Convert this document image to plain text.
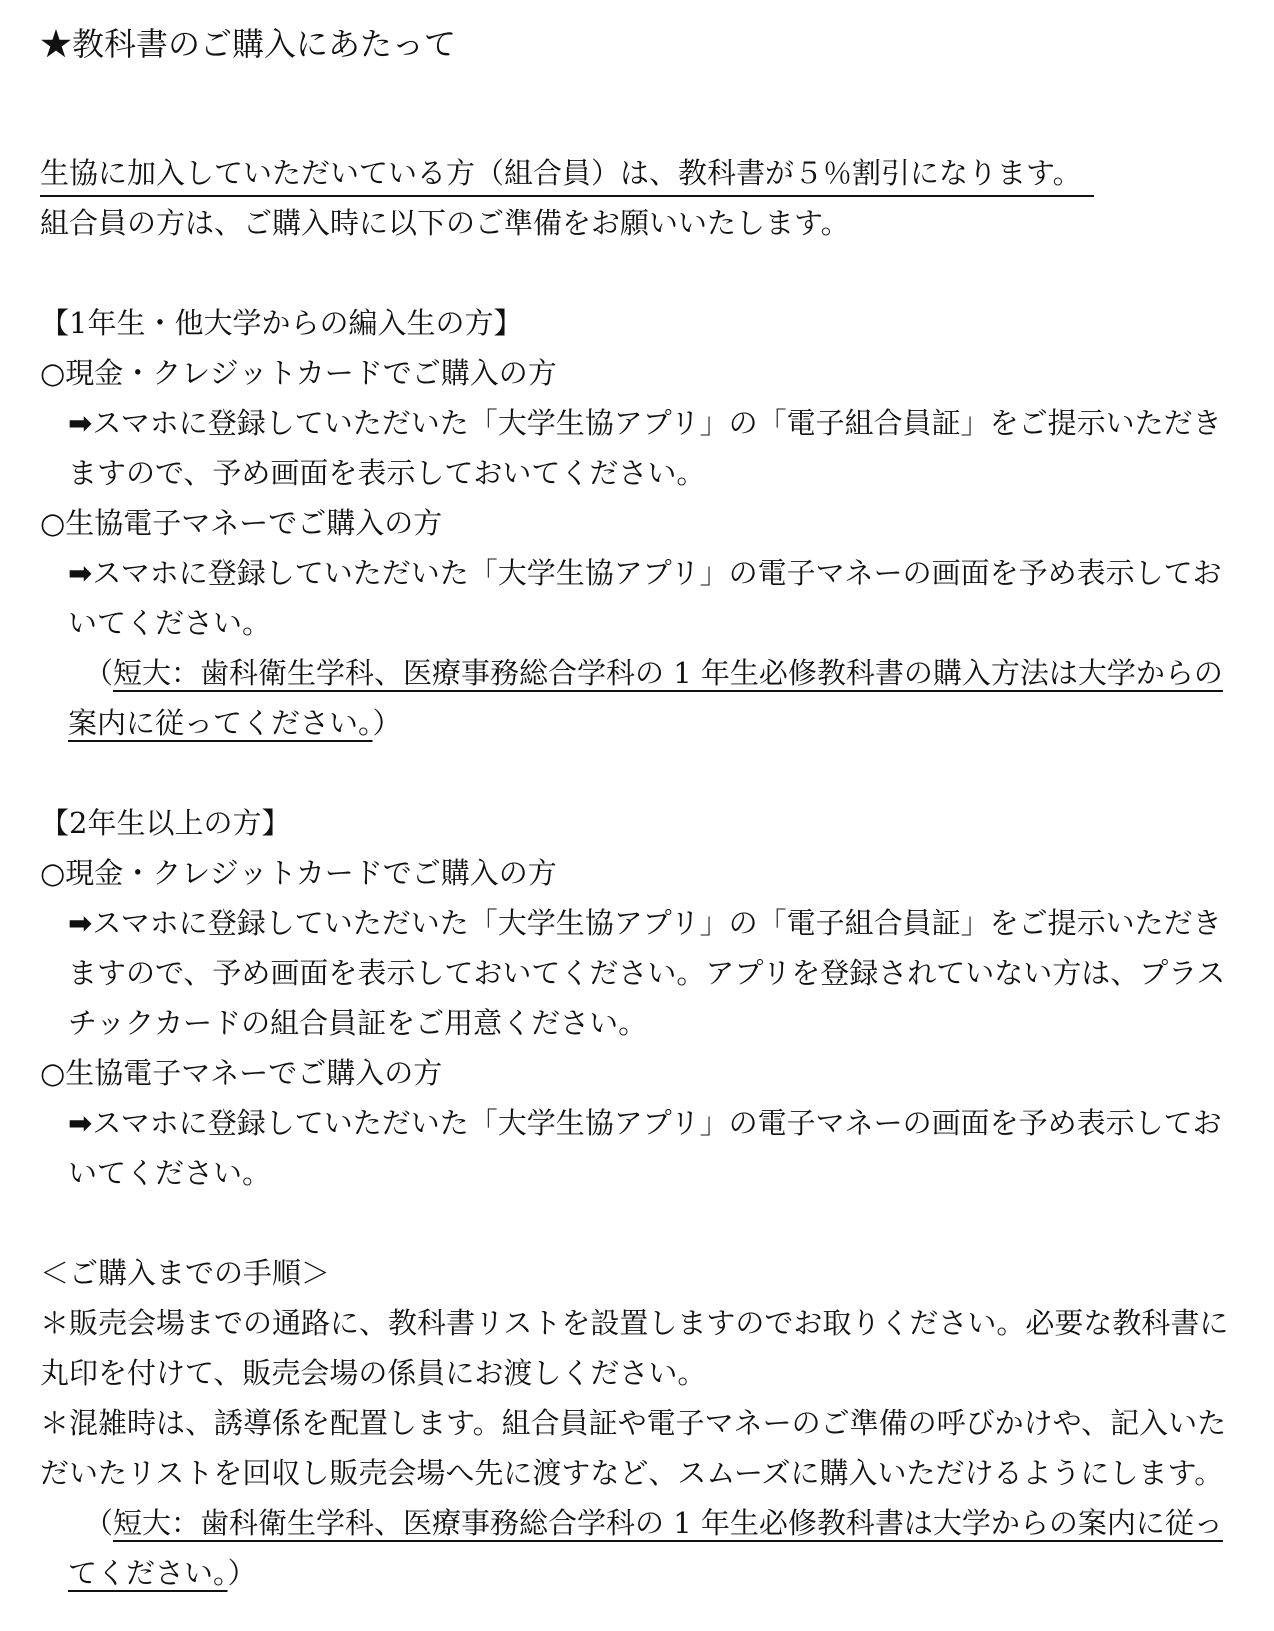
★教科書のご購入にあたって
生協に加入していただいている方（組合員）は、教科書が５％割引になります。
組合員の方は、ご購入時に以下のご準備をお願いいたします。
【1年生・他大学からの編入生の方】
○現金・クレジットカードでご購入の方
➡スマホに登録していただいた「大学生協アプリ」の「電子組合員証」をご提示いただき
ますので、予め画面を表示しておいてください。
○生協電子マネーでご購入の方
➡スマホに登録していただいた「大学生協アプリ」の電子マネーの画面を予め表示してお
いてください。
（短大：歯科衛生学科、医療事務総合学科の 1 年生必修教科書の購入方法は大学からの
案内に従ってください。）
【2年生以上の方】
○現金・クレジットカードでご購入の方
➡スマホに登録していただいた「大学生協アプリ」の「電子組合員証」をご提示いただき
ますので、予め画面を表示しておいてください。アプリを登録されていない方は、プラス
チックカードの組合員証をご用意ください。
○生協電子マネーでご購入の方
➡スマホに登録していただいた「大学生協アプリ」の電子マネーの画面を予め表示してお
いてください。
＜ご購入までの手順＞
＊販売会場までの通路に、教科書リストを設置しますのでお取りください。必要な教科書に
丸印を付けて、販売会場の係員にお渡しください。
＊混雑時は、誘導係を配置します。組合員証や電子マネーのご準備の呼びかけや、記入いた
だいたリストを回収し販売会場へ先に渡すなど、スムーズに購入いただけるようにします。
（短大：歯科衛生学科、医療事務総合学科の 1 年生必修教科書は大学からの案内に従っ
てください。）
